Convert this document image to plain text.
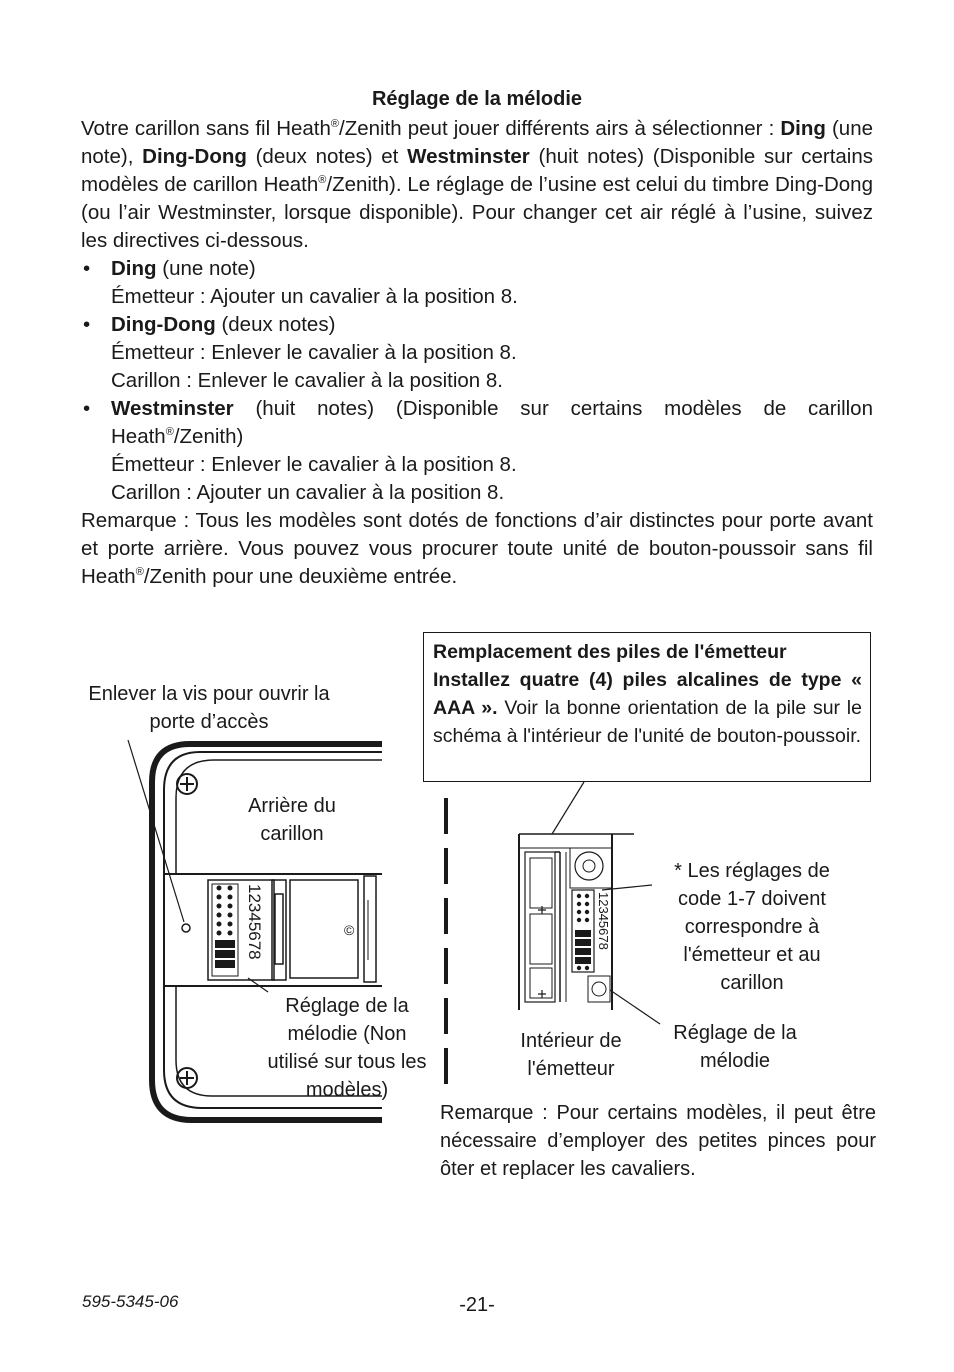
Réglage de la mélodie

Votre carillon sans fil Heath®/Zenith peut jouer différents airs à sélectionner : Ding (une note), Ding-Dong (deux notes) et Westminster (huit notes) (Disponible sur certains modèles de carillon Heath®/Zenith). Le réglage de l’usine est celui du timbre Ding-Dong (ou l’air Westminster, lorsque disponible). Pour changer cet air réglé à l’usine, suivez les directives ci-dessous.

• Ding (une note)
Émetteur : Ajouter un cavalier à la position 8.
• Ding-Dong (deux notes)
Émetteur : Enlever le cavalier à la position 8.
Carillon : Enlever le cavalier à la position 8.
• Westminster (huit notes) (Disponible sur certains modèles de carillon Heath®/Zenith)
Émetteur : Enlever le cavalier à la position 8.
Carillon : Ajouter un cavalier à la position 8.

Remarque : Tous les modèles sont dotés de fonctions d’air distinctes pour porte avant et porte arrière. Vous pouvez vous procurer toute unité de bouton-poussoir sans fil Heath®/Zenith pour une deuxième entrée.

12345678	12345678
©
Enlever la vis pour ouvrir la porte d’accès
Arrière du carillon
Réglage de la mélodie (Non utilisé sur tous les modèles)
Remplacement des piles de l'émetteur
Installez quatre (4) piles alcalines de type « AAA ». Voir la bonne orientation de la pile sur le schéma à l'intérieur de l'unité de bouton-poussoir.
* Les réglages de code 1-7 doivent correspondre à l'émetteur et au carillon
Intérieur de l'émetteur
Réglage de la mélodie
Remarque : Pour certains modèles, il peut être nécessaire d’employer des petites pinces pour ôter et replacer les cavaliers.
595-5345-06	-21-
